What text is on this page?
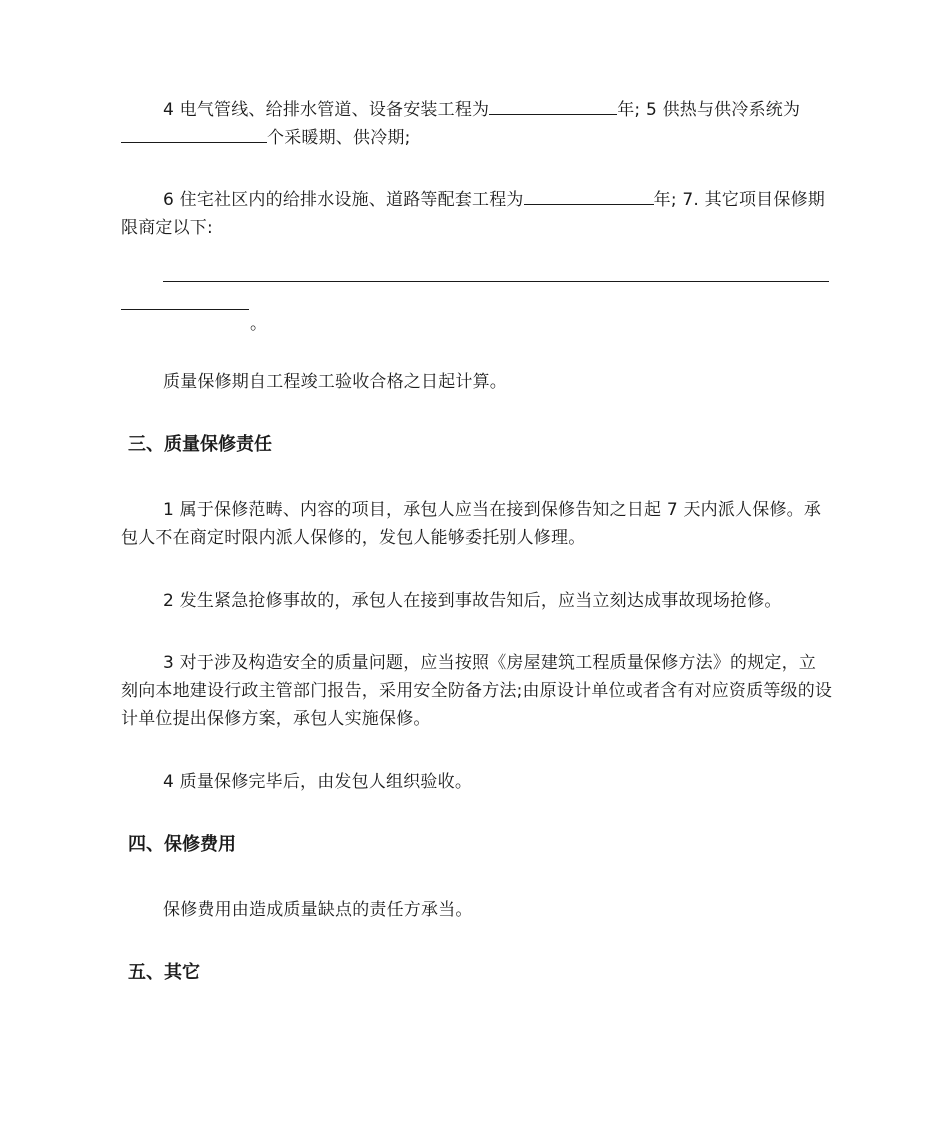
4 电气管线、给排水管道、设备安装工程为	年; 5 供热与供冷系统为个采暖期、供冷期;

6 住宅社区内的给排水设施、道路等配套工程为	年; 7. 其它项目保修期限商定以下:

。

质量保修期自工程竣工验收合格之日起计算。

三、质量保修责任

1 属于保修范畴、内容的项目，承包人应当在接到保修告知之日起 7 天内派人保修。承包人不在商定时限内派人保修的，发包人能够委托别人修理。

2 发生紧急抢修事故的，承包人在接到事故告知后，应当立刻达成事故现场抢修。

3 对于涉及构造安全的质量问题，应当按照《房屋建筑工程质量保修方法》的规定，立刻向本地建设行政主管部门报告，采用安全防备方法;由原设计单位或者含有对应资质等级的设计单位提出保修方案，承包人实施保修。

4 质量保修完毕后，由发包人组织验收。

四、保修费用

保修费用由造成质量缺点的责任方承当。

五、其它
